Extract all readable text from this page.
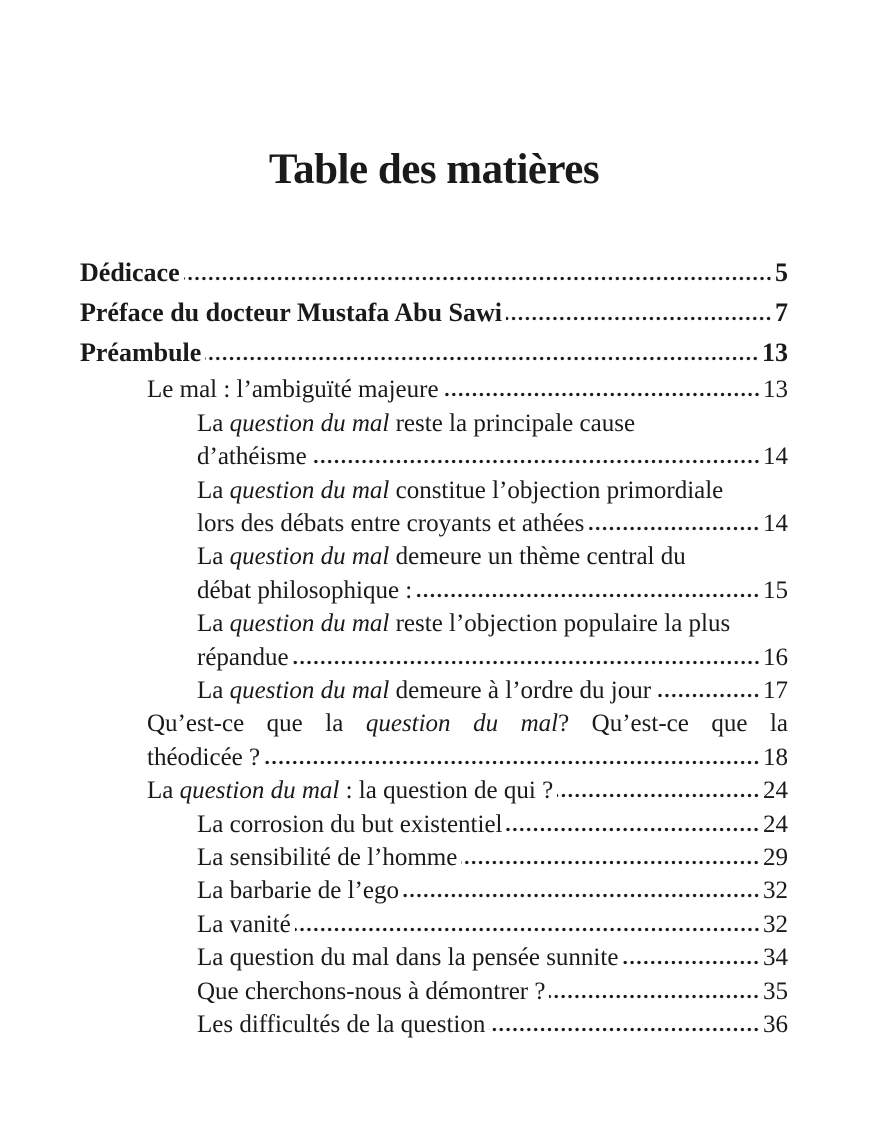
Table des matières
Dédicace	5
Préface du docteur Mustafa Abu Sawi	7
Préambule	13
Le mal : l’ambiguïté majeure	13
La question du mal reste la principale cause
d’athéisme	14
La question du mal constitue l’objection primordiale
lors des débats entre croyants et athées	14
La question du mal demeure un thème central du
débat philosophique :	15
La question du mal reste l’objection populaire la plus
répandue	16
La question du mal demeure à l’ordre du jour	17
Qu’est-ce que la question du mal? Qu’est-ce que la
théodicée ?	18
La question du mal : la question de qui ?	24
La corrosion du but existentiel	24
La sensibilité de l’homme	29
La barbarie de l’ego	32
La vanité	32
La question du mal dans la pensée sunnite	34
Que cherchons-nous à démontrer ?	35
Les difficultés de la question	36
